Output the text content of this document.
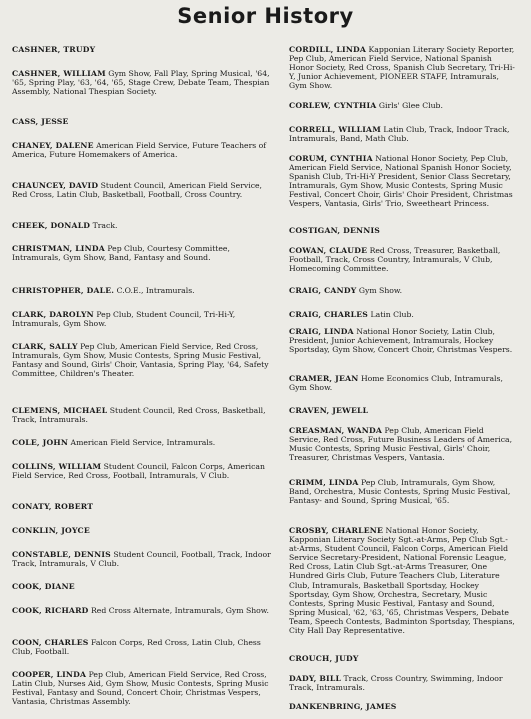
Senior History
CASHNER, TRUDY
CASHNER, WILLIAM Gym Show, Fall Play, Spring Musical, '64, '65, Spring Play, '63, '64, '65, Stage Crew, Debate Team, Thespian Assembly, National Thespian Society.
CASS, JESSE
CHANEY, DALENE American Field Service, Future Teachers of America, Future Homemakers of America.
CHAUNCEY, DAVID Student Council, American Field Service, Red Cross, Latin Club, Basketball, Football, Cross Country.
CHEEK, DONALD Track.
CHRISTMAN, LINDA Pep Club, Courtesy Committee, Intramurals, Gym Show, Band, Fantasy and Sound.
CHRISTOPHER, DALE. C.O.E., Intramurals.
CLARK, DAROLYN Pep Club, Student Council, Tri-Hi-Y, Intramurals, Gym Show.
CLARK, SALLY Pep Club, American Field Service, Red Cross, Intramurals, Gym Show, Music Contests, Spring Music Festival, Fantasy and Sound, Girls' Choir, Vantasia, Spring Play, '64, Safety Committee, Children's Theater.
CLEMENS, MICHAEL Student Council, Red Cross, Basketball, Track, Intramurals.
COLE, JOHN American Field Service, Intramurals.
COLLINS, WILLIAM Student Council, Falcon Corps, American Field Service, Red Cross, Football, Intramurals, V Club.
CONATY, ROBERT
CONKLIN, JOYCE
CONSTABLE, DENNIS Student Council, Football, Track, Indoor Track, Intramurals, V Club.
COOK, DIANE
COOK, RICHARD Red Cross Alternate, Intramurals, Gym Show.
COON, CHARLES Falcon Corps, Red Cross, Latin Club, Chess Club, Football.
COOPER, LINDA Pep Club, American Field Service, Red Cross, Latin Club, Nurses Aid, Gym Show, Music Contests, Spring Music Festival, Fantasy and Sound, Concert Choir, Christmas Vespers, Vantasia, Christmas Assembly.
CORDILL, LINDA Kapponian Literary Society Reporter, Pep Club, American Field Service, National Spanish Honor Society, Red Cross, Spanish Club Secretary, Tri-Hi-Y, Junior Achievement, PIONEER STAFF, Intramurals, Gym Show.
CORLEW, CYNTHIA Girls' Glee Club.
CORRELL, WILLIAM Latin Club, Track, Indoor Track, Intramurals, Band, Math Club.
CORUM, CYNTHIA National Honor Society, Pep Club, American Field Service, National Spanish Honor Society, Spanish Club, Tri-Hi-Y President, Senior Class Secretary, Intramurals, Gym Show, Music Contests, Spring Music Festival, Concert Choir, Girls' Choir President, Christmas Vespers, Vantasia, Girls' Trio, Sweetheart Princess.
COSTIGAN, DENNIS
COWAN, CLAUDE Red Cross, Treasurer, Basketball, Football, Track, Cross Country, Intramurals, V Club, Homecoming Committee.
CRAIG, CANDY Gym Show.
CRAIG, CHARLES Latin Club.
CRAIG, LINDA National Honor Society, Latin Club, President, Junior Achievement, Intramurals, Hockey Sportsday, Gym Show, Concert Choir, Christmas Vespers.
CRAMER, JEAN Home Economics Club, Intramurals, Gym Show.
CRAVEN, JEWELL
CREASMAN, WANDA Pep Club, American Field Service, Red Cross, Future Business Leaders of America, Music Contests, Spring Music Festival, Girls' Choir, Treasurer, Christmas Vespers, Vantasia.
CRIMM, LINDA Pep Club, Intramurals, Gym Show, Band, Orchestra, Music Contests, Spring Music Festival, Fantasy- and Sound, Spring Musical, '65.
CROSBY, CHARLENE National Honor Society, Kapponian Literary Society Sgt.-at-Arms, Pep Club Sgt.-at-Arms, Student Council, Falcon Corps, American Field Service Secretary-President, National Forensic League, Red Cross, Latin Club Sgt.-at-Arms Treasurer, One Hundred Girls Club, Future Teachers Club, Literature Club, Intramurals, Basketball Sportsday, Hockey Sportsday, Gym Show, Orchestra, Secretary, Music Contests, Spring Music Festival, Fantasy and Sound, Spring Musical, '62, '63, '65, Christmas Vespers, Debate Team, Speech Contests, Badminton Sportsday, Thespians, City Hall Day Representative.
CROUCH, JUDY
DADY, BILL Track, Cross Country, Swimming, Indoor Track, Intramurals.
DANKENBRING, JAMES
